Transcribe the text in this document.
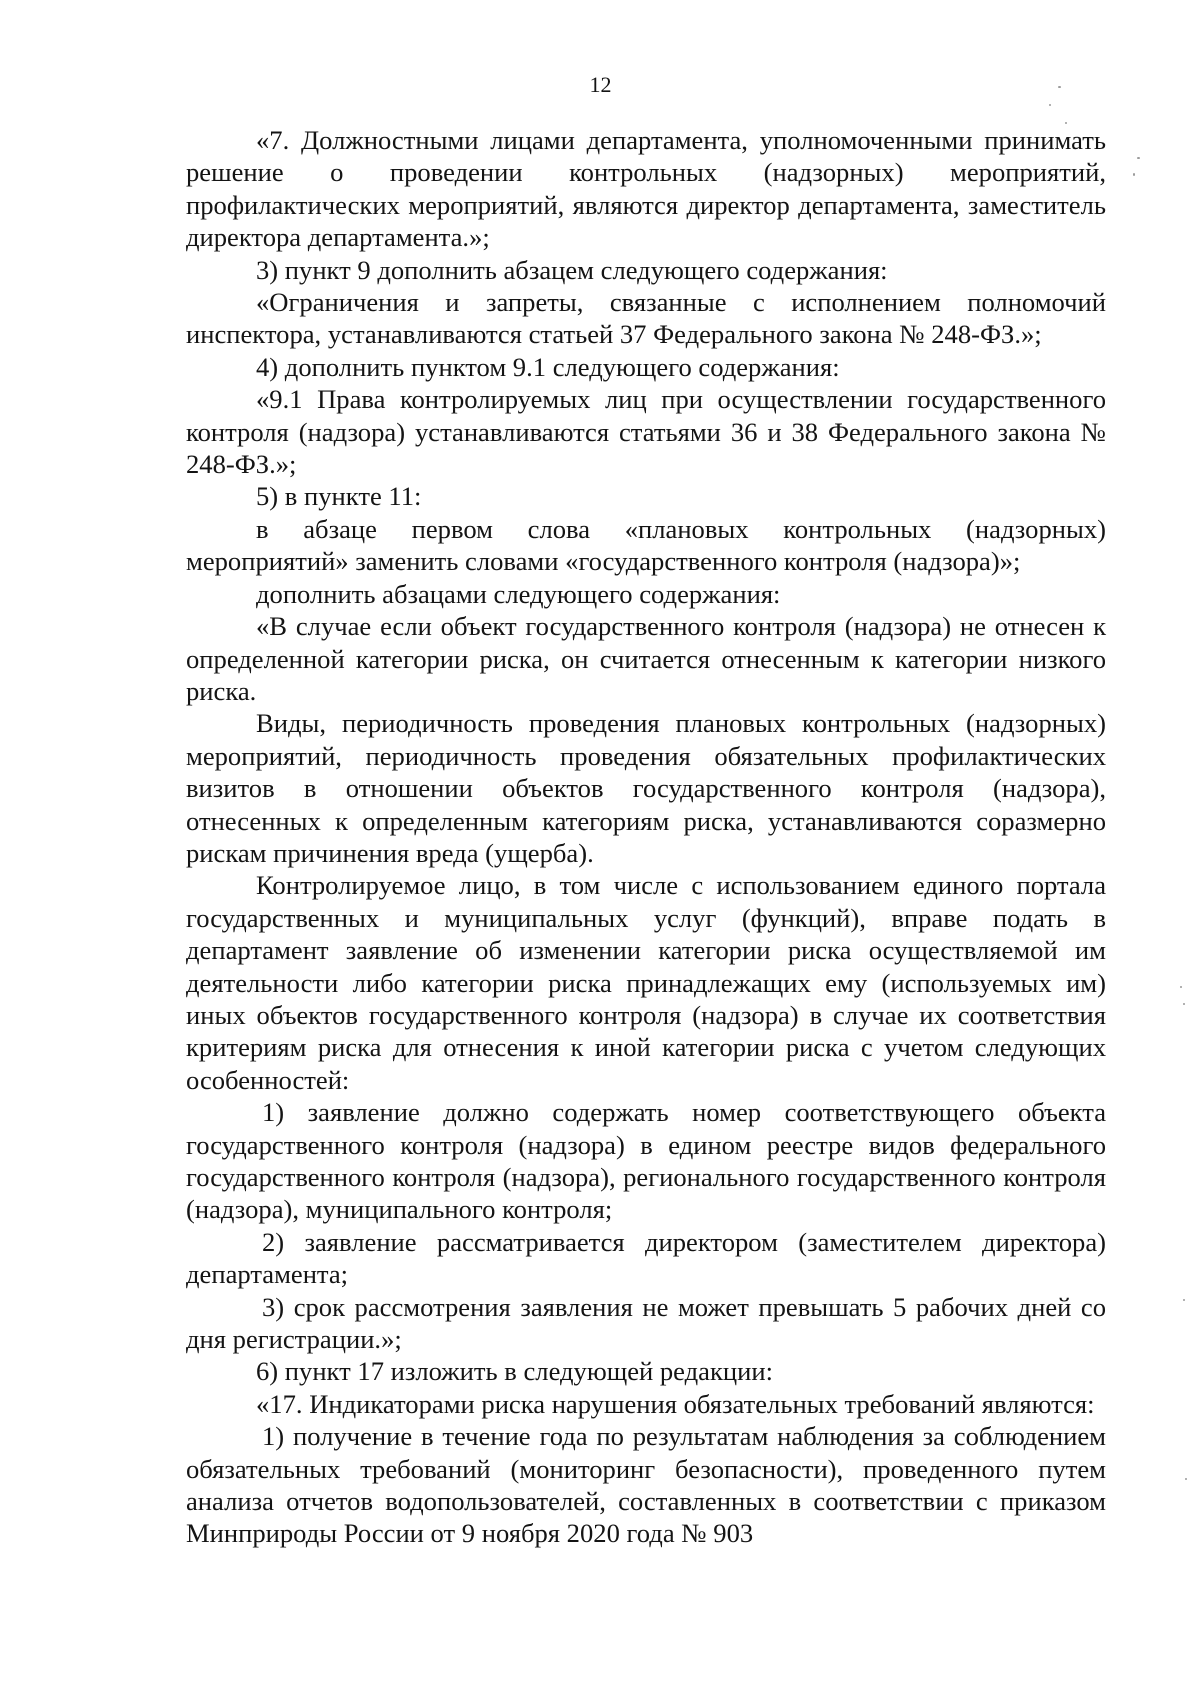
12

«7. Должностными лицами департамента, уполномоченными принимать решение о проведении контрольных (надзорных) мероприятий, профилактических мероприятий, являются директор департамента, заместитель директора департамента.»;

3) пункт 9 дополнить абзацем следующего содержания:

«Ограничения и запреты, связанные с исполнением полномочий инспектора, устанавливаются статьей 37 Федерального закона № 248-ФЗ.»;

4) дополнить пунктом 9.1 следующего содержания:

«9.1 Права контролируемых лиц при осуществлении государственного контроля (надзора) устанавливаются статьями 36 и 38 Федерального закона № 248-ФЗ.»;

5) в пункте 11:

в абзаце первом слова «плановых контрольных (надзорных) мероприятий» заменить словами «государственного контроля (надзора)»;

дополнить абзацами следующего содержания:

«В случае если объект государственного контроля (надзора) не отнесен к определенной категории риска, он считается отнесенным к категории низкого риска.

Виды, периодичность проведения плановых контрольных (надзорных) мероприятий, периодичность проведения обязательных профилактических визитов в отношении объектов государственного контроля (надзора), отнесенных к определенным категориям риска, устанавливаются соразмерно рискам причинения вреда (ущерба).

Контролируемое лицо, в том числе с использованием единого портала государственных и муниципальных услуг (функций), вправе подать в департамент заявление об изменении категории риска осуществляемой им деятельности либо категории риска принадлежащих ему (используемых им) иных объектов государственного контроля (надзора) в случае их соответствия критериям риска для отнесения к иной категории риска с учетом следующих особенностей:

1) заявление должно содержать номер соответствующего объекта государственного контроля (надзора) в едином реестре видов федерального государственного контроля (надзора), регионального государственного контроля (надзора), муниципального контроля;

2) заявление рассматривается директором (заместителем директора) департамента;

3) срок рассмотрения заявления не может превышать 5 рабочих дней со дня регистрации.»;

6) пункт 17 изложить в следующей редакции:

«17. Индикаторами риска нарушения обязательных требований являются:

1) получение в течение года по результатам наблюдения за соблюдением обязательных требований (мониторинг безопасности), проведенного путем анализа отчетов водопользователей, составленных в соответствии с приказом Минприроды России от 9 ноября 2020 года № 903
